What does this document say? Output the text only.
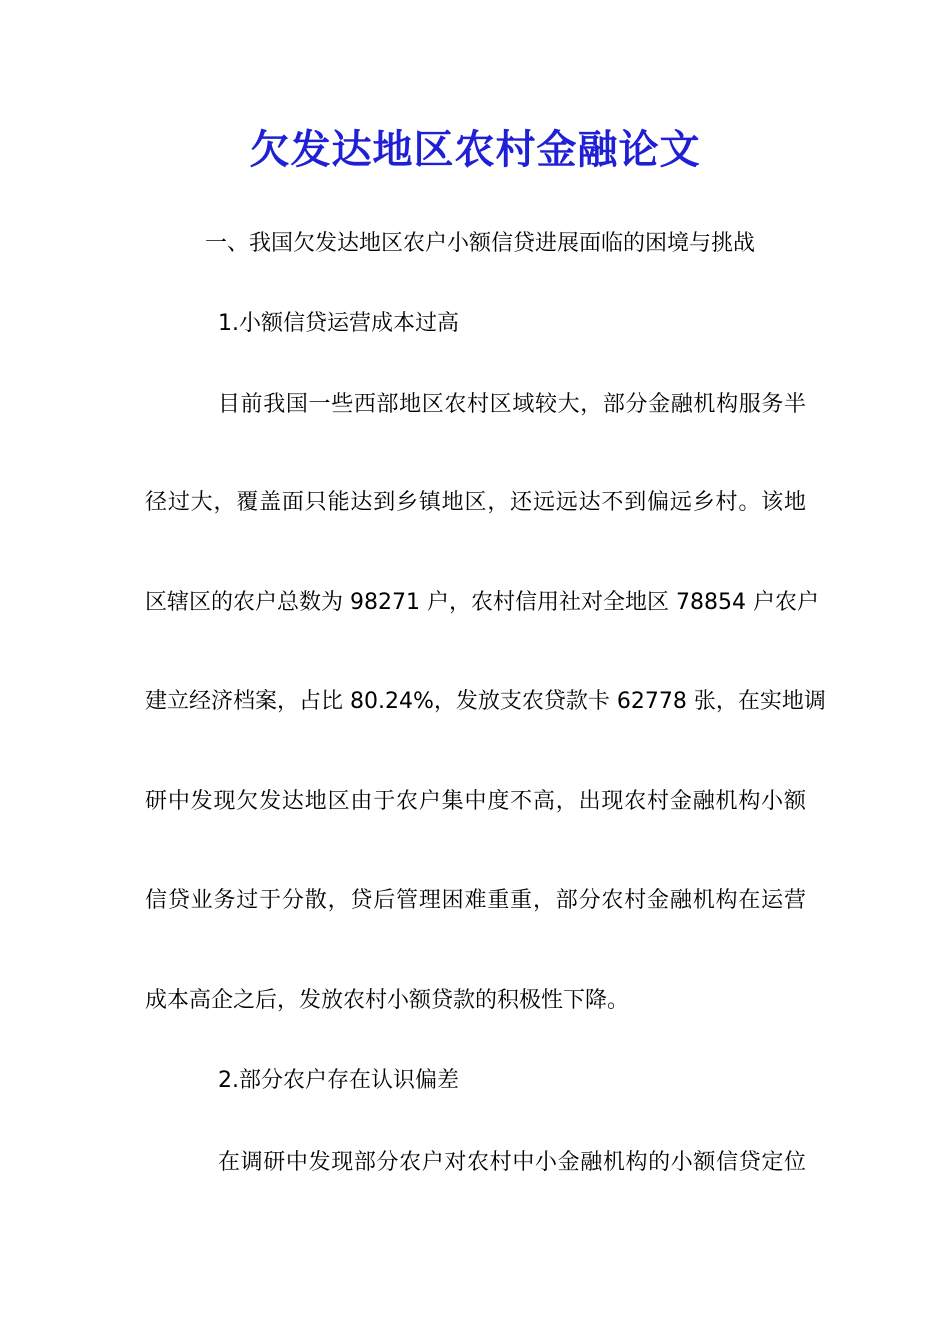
欠发达地区农村金融论文
一、我国欠发达地区农户小额信贷进展面临的困境与挑战
1.小额信贷运营成本过高
目前我国一些西部地区农村区域较大，部分金融机构服务半
径过大，覆盖面只能达到乡镇地区，还远远达不到偏远乡村。该地
区辖区的农户总数为 98271 户，农村信用社对全地区 78854 户农户
建立经济档案，占比 80.24%，发放支农贷款卡 62778 张，在实地调
研中发现欠发达地区由于农户集中度不高，出现农村金融机构小额
信贷业务过于分散，贷后管理困难重重，部分农村金融机构在运营
成本高企之后，发放农村小额贷款的积极性下降。
2.部分农户存在认识偏差
在调研中发现部分农户对农村中小金融机构的小额信贷定位
